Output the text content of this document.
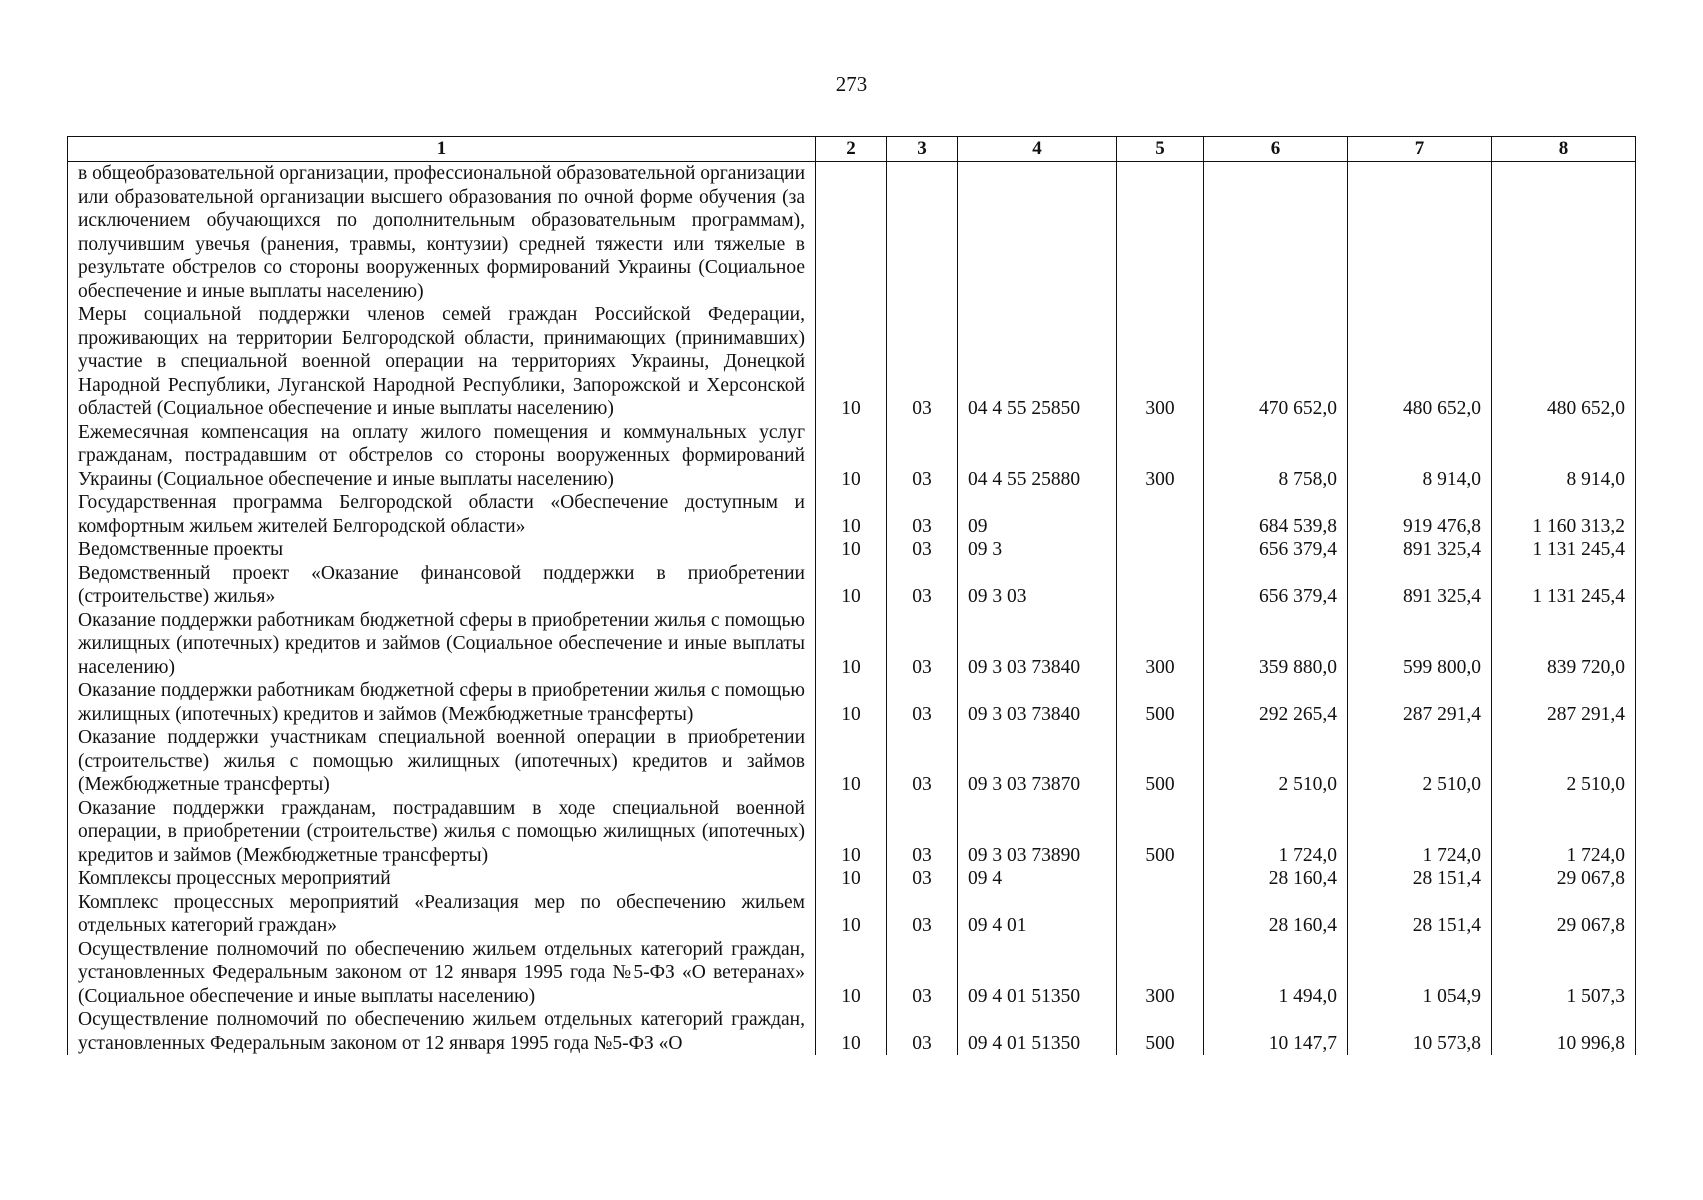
273
1	2	3	4	5	6	7	8
в общеобразовательной организации, профессиональной образовательной организации или образовательной организации высшего образования по очной форме обучения (за исключением обучающихся по дополнительным образовательным программам), получившим увечья (ранения, травмы, контузии) средней тяжести или тяжелые в результате обстрелов со стороны вооруженных формирований Украины (Социальное обеспечение и иные выплаты населению)							
Меры социальной поддержки членов семей граждан Российской Федерации, проживающих на территории Белгородской области, принимающих (принимавших) участие в специальной военной операции на территориях Украины, Донецкой Народной Республики, Луганской Народной Республики, Запорожской и Херсонской областей (Социальное обеспечение и иные выплаты населению)	10	03	04 4 55 25850	300	470 652,0	480 652,0	480 652,0
Ежемесячная компенсация на оплату жилого помещения и коммунальных услуг гражданам, пострадавшим от обстрелов со стороны вооруженных формирований Украины (Социальное обеспечение и иные выплаты населению)	10	03	04 4 55 25880	300	8 758,0	8 914,0	8 914,0
Государственная программа Белгородской области «Обеспечение доступным и комфортным жильем жителей Белгородской области»	10	03	09		684 539,8	919 476,8	1 160 313,2
Ведомственные проекты	10	03	09 3		656 379,4	891 325,4	1 131 245,4
Ведомственный проект «Оказание финансовой поддержки в приобретении (строительстве) жилья»	10	03	09 3 03		656 379,4	891 325,4	1 131 245,4
Оказание поддержки работникам бюджетной сферы в приобретении жилья с помощью жилищных (ипотечных) кредитов и займов (Социальное обеспечение и иные выплаты населению)	10	03	09 3 03 73840	300	359 880,0	599 800,0	839 720,0
Оказание поддержки работникам бюджетной сферы в приобретении жилья с помощью жилищных (ипотечных) кредитов и займов (Межбюджетные трансферты)	10	03	09 3 03 73840	500	292 265,4	287 291,4	287 291,4
Оказание поддержки участникам специальной военной операции в приобретении (строительстве) жилья с помощью жилищных (ипотечных) кредитов и займов (Межбюджетные трансферты)	10	03	09 3 03 73870	500	2 510,0	2 510,0	2 510,0
Оказание поддержки гражданам, пострадавшим в ходе специальной военной операции, в приобретении (строительстве) жилья с помощью жилищных (ипотечных) кредитов и займов (Межбюджетные трансферты)	10	03	09 3 03 73890	500	1 724,0	1 724,0	1 724,0
Комплексы процессных мероприятий	10	03	09 4		28 160,4	28 151,4	29 067,8
Комплекс процессных мероприятий «Реализация мер по обеспечению жильем отдельных категорий граждан»	10	03	09 4 01		28 160,4	28 151,4	29 067,8
Осуществление полномочий по обеспечению жильем отдельных категорий граждан, установленных Федеральным законом от 12 января 1995 года №5-ФЗ «О ветеранах» (Социальное обеспечение и иные выплаты населению)	10	03	09 4 01 51350	300	1 494,0	1 054,9	1 507,3
Осуществление полномочий по обеспечению жильем отдельных категорий граждан, установленных Федеральным законом от 12 января 1995 года №5-ФЗ «О	10	03	09 4 01 51350	500	10 147,7	10 573,8	10 996,8
